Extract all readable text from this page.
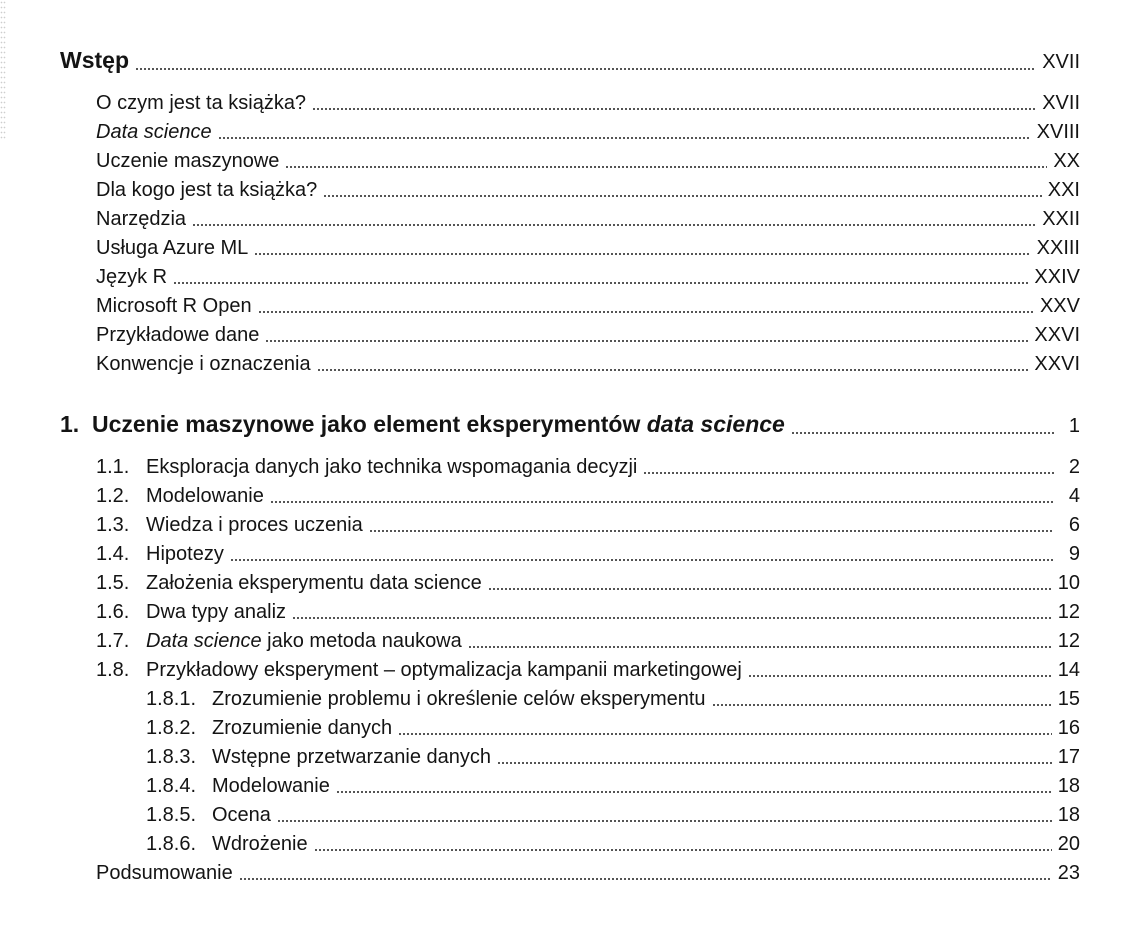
Wstęp	XVII
O czym jest ta książka?	XVII
Data science	XVIII
Uczenie maszynowe	XX
Dla kogo jest ta książka?	XXI
Narzędzia	XXII
Usługa Azure ML	XXIII
Język R	XXIV
Microsoft R Open	XXV
Przykładowe dane	XXVI
Konwencje i oznaczenia	XXVI
1. Uczenie maszynowe jako element eksperymentów data science	1
1.1. Eksploracja danych jako technika wspomagania decyzji	2
1.2. Modelowanie	4
1.3. Wiedza i proces uczenia	6
1.4. Hipotezy	9
1.5. Założenia eksperymentu data science	10
1.6. Dwa typy analiz	12
1.7. Data science jako metoda naukowa	12
1.8. Przykładowy eksperyment – optymalizacja kampanii marketingowej	14
1.8.1. Zrozumienie problemu i określenie celów eksperymentu	15
1.8.2. Zrozumienie danych	16
1.8.3. Wstępne przetwarzanie danych	17
1.8.4. Modelowanie	18
1.8.5. Ocena	18
1.8.6. Wdrożenie	20
Podsumowanie	23
